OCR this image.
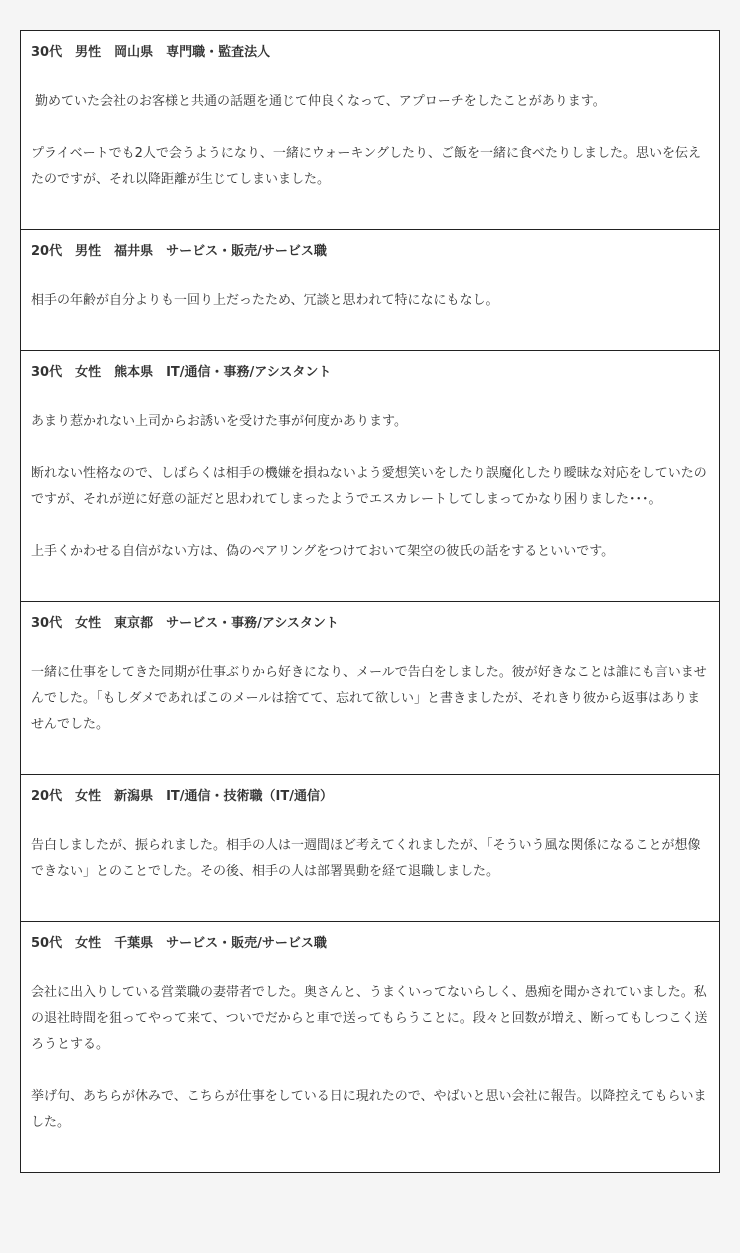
30代　男性　岡山県　専門職・監査法人

勤めていた会社のお客様と共通の話題を通じて仲良くなって、アプローチをしたことがあります。

プライベートでも2人で会うようになり、一緒にウォーキングしたり、ご飯を一緒に食べたりしました。思いを伝えたのですが、それ以降距離が生じてしまいました。

20代　男性　福井県　サービス・販売/サービス職

相手の年齢が自分よりも一回り上だったため、冗談と思われて特になにもなし。

30代　女性　熊本県　IT/通信・事務/アシスタント

あまり惹かれない上司からお誘いを受けた事が何度かあります。

断れない性格なので、しばらくは相手の機嫌を損ねないよう愛想笑いをしたり誤魔化したり曖昧な対応をしていたのですが、それが逆に好意の証だと思われてしまったようでエスカレートしてしまってかなり困りました･･･。

上手くかわせる自信がない方は、偽のペアリングをつけておいて架空の彼氏の話をするといいです。

30代　女性　東京都　サービス・事務/アシスタント

一緒に仕事をしてきた同期が仕事ぶりから好きになり、メールで告白をしました。彼が好きなことは誰にも言いませんでした。「もしダメであればこのメールは捨てて、忘れて欲しい」と書きましたが、それきり彼から返事はありませんでした。

20代　女性　新潟県　IT/通信・技術職（IT/通信）

告白しましたが、振られました。相手の人は一週間ほど考えてくれましたが、「そういう風な関係になることが想像できない」とのことでした。その後、相手の人は部署異動を経て退職しました。

50代　女性　千葉県　サービス・販売/サービス職

会社に出入りしている営業職の妻帯者でした。奥さんと、うまくいってないらしく、愚痴を聞かされていました。私の退社時間を狙ってやって来て、ついでだからと車で送ってもらうことに。段々と回数が増え、断ってもしつこく送ろうとする。

挙げ句、あちらが休みで、こちらが仕事をしている日に現れたので、やばいと思い会社に報告。以降控えてもらいました。
